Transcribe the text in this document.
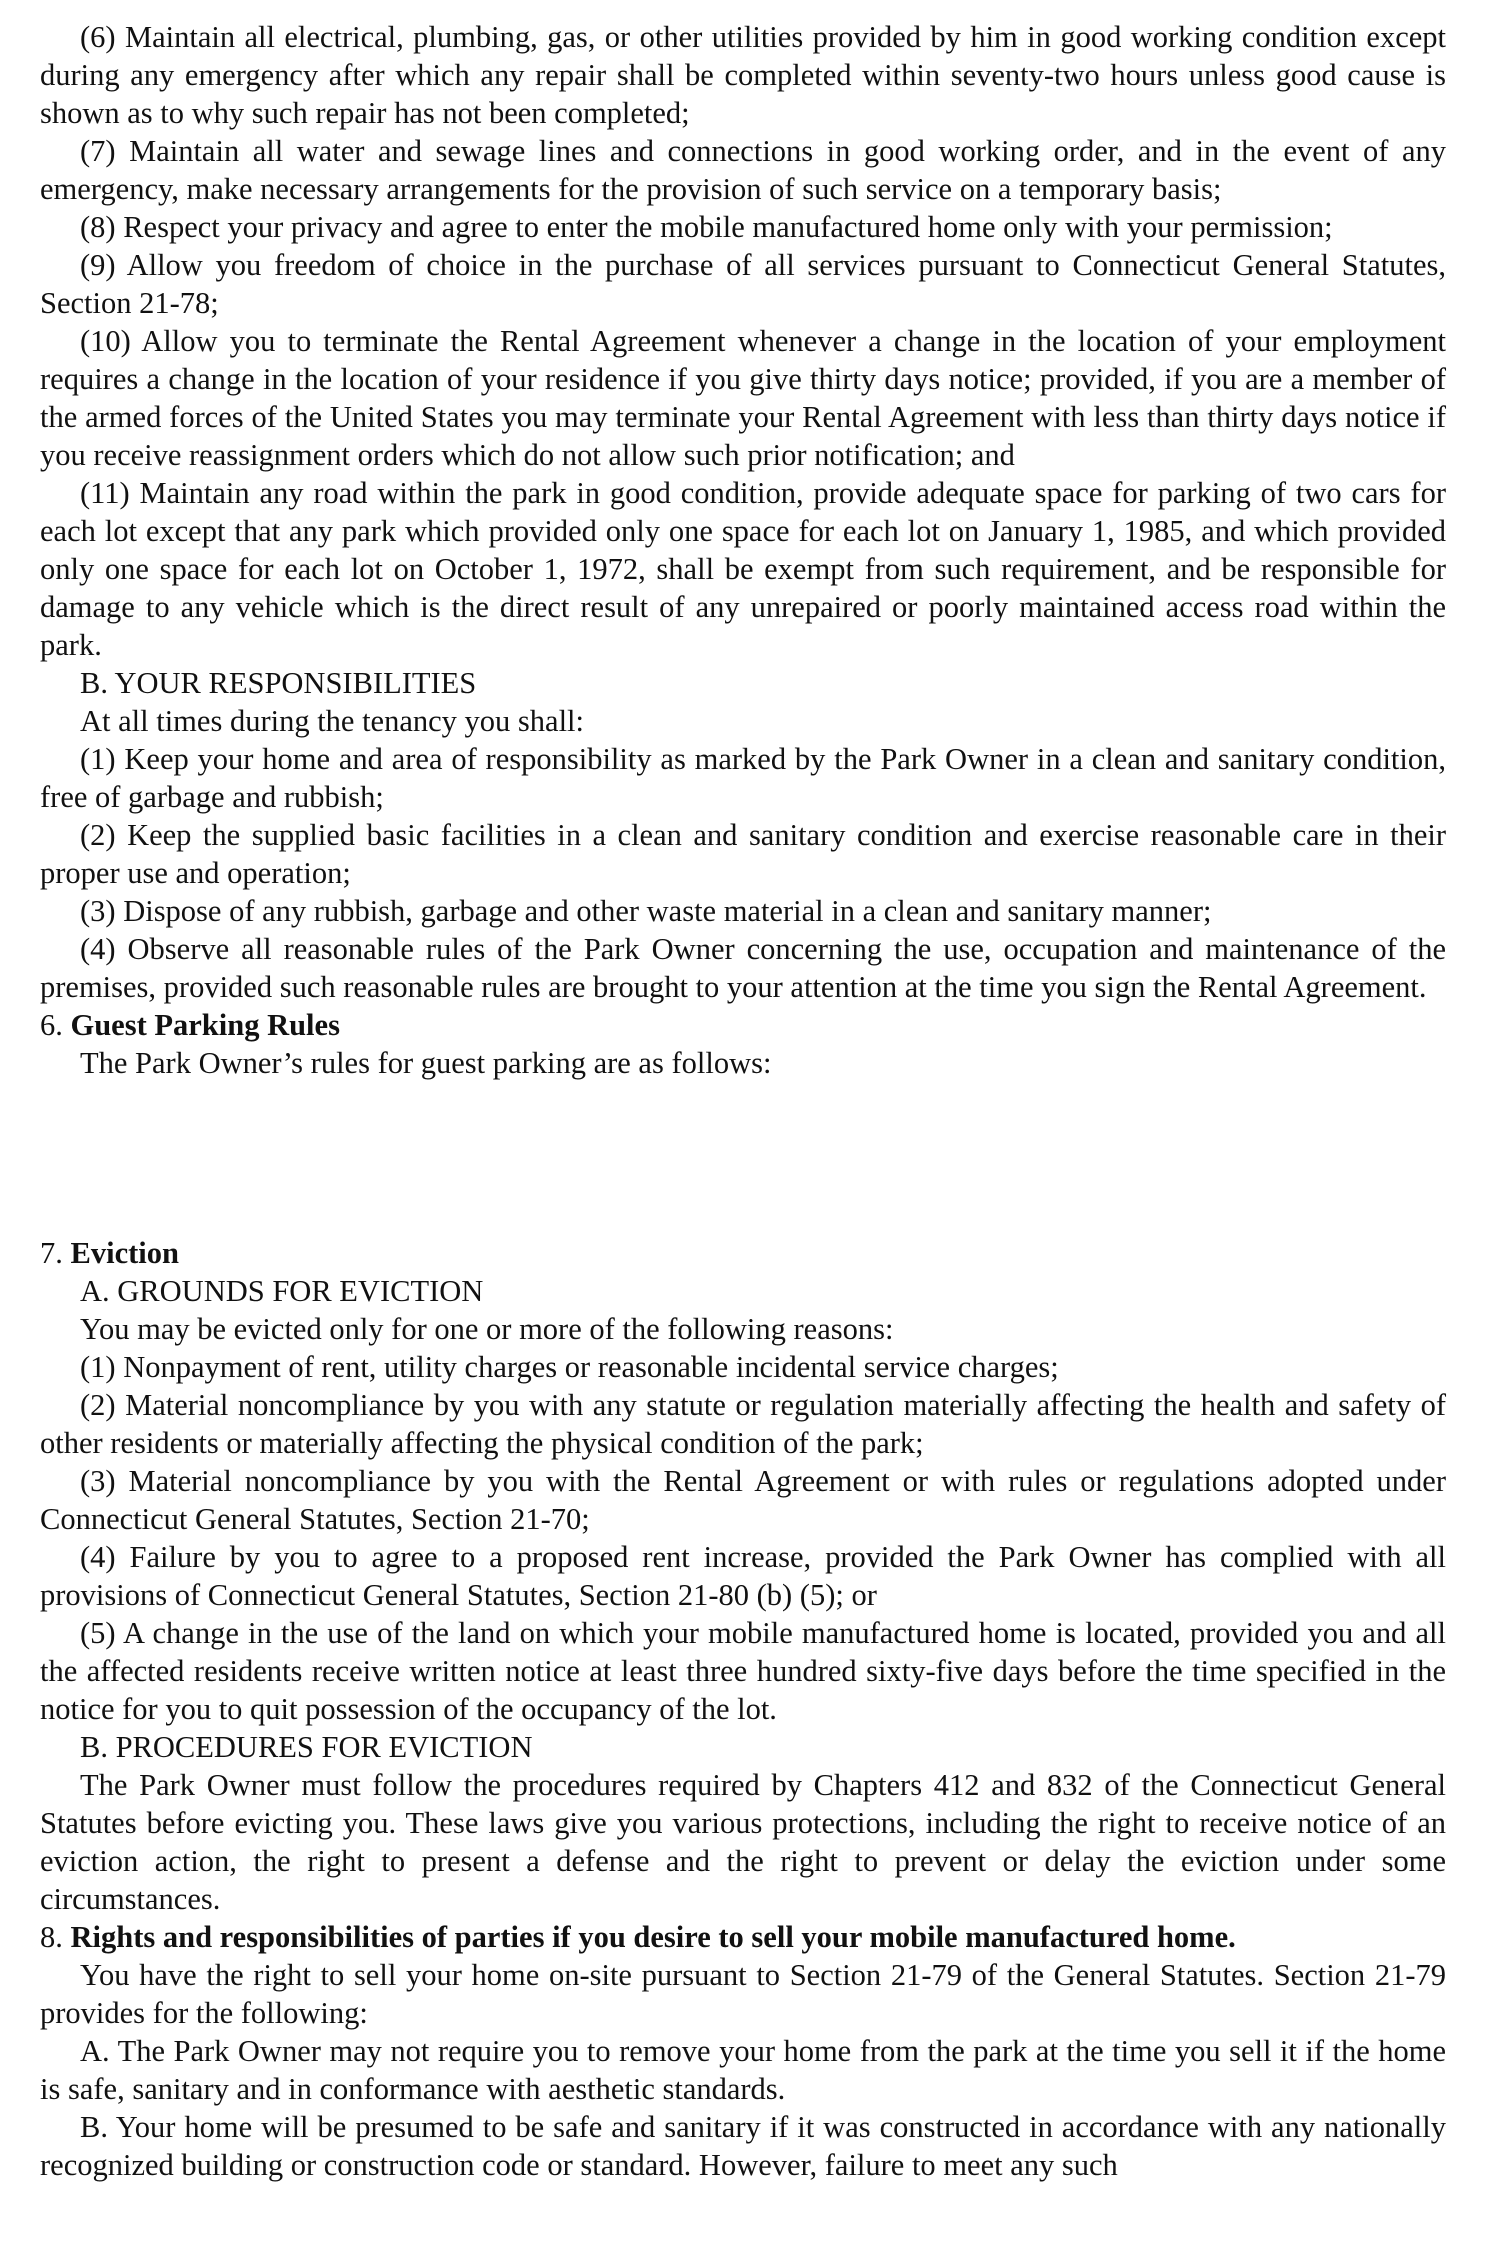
(6) Maintain all electrical, plumbing, gas, or other utilities provided by him in good working condition except during any emergency after which any repair shall be completed within seventy-two hours unless good cause is shown as to why such repair has not been completed;

(7) Maintain all water and sewage lines and connections in good working order, and in the event of any emergency, make necessary arrangements for the provision of such service on a temporary basis;

(8) Respect your privacy and agree to enter the mobile manufactured home only with your permission;

(9) Allow you freedom of choice in the purchase of all services pursuant to Connecticut General Statutes, Section 21-78;

(10) Allow you to terminate the Rental Agreement whenever a change in the location of your employment requires a change in the location of your residence if you give thirty days notice; provided, if you are a member of the armed forces of the United States you may terminate your Rental Agreement with less than thirty days notice if you receive reassignment orders which do not allow such prior notification; and

(11) Maintain any road within the park in good condition, provide adequate space for parking of two cars for each lot except that any park which provided only one space for each lot on January 1, 1985, and which provided only one space for each lot on October 1, 1972, shall be exempt from such requirement, and be responsible for damage to any vehicle which is the direct result of any unrepaired or poorly maintained access road within the park.

B. YOUR RESPONSIBILITIES

At all times during the tenancy you shall:

(1) Keep your home and area of responsibility as marked by the Park Owner in a clean and sanitary condition, free of garbage and rubbish;

(2) Keep the supplied basic facilities in a clean and sanitary condition and exercise reasonable care in their proper use and operation;

(3) Dispose of any rubbish, garbage and other waste material in a clean and sanitary manner;

(4) Observe all reasonable rules of the Park Owner concerning the use, occupation and maintenance of the premises, provided such reasonable rules are brought to your attention at the time you sign the Rental Agreement.

6. Guest Parking Rules

The Park Owner’s rules for guest parking are as follows:

7. Eviction

A. GROUNDS FOR EVICTION

You may be evicted only for one or more of the following reasons:

(1) Nonpayment of rent, utility charges or reasonable incidental service charges;

(2) Material noncompliance by you with any statute or regulation materially affecting the health and safety of other residents or materially affecting the physical condition of the park;

(3) Material noncompliance by you with the Rental Agreement or with rules or regulations adopted under Connecticut General Statutes, Section 21-70;

(4) Failure by you to agree to a proposed rent increase, provided the Park Owner has complied with all provisions of Connecticut General Statutes, Section 21-80 (b) (5); or

(5) A change in the use of the land on which your mobile manufactured home is located, provided you and all the affected residents receive written notice at least three hundred sixty-five days before the time specified in the notice for you to quit possession of the occupancy of the lot.

B. PROCEDURES FOR EVICTION

The Park Owner must follow the procedures required by Chapters 412 and 832 of the Connecticut General Statutes before evicting you. These laws give you various protections, including the right to receive notice of an eviction action, the right to present a defense and the right to prevent or delay the eviction under some circumstances.

8. Rights and responsibilities of parties if you desire to sell your mobile manufactured home.

You have the right to sell your home on-site pursuant to Section 21-79 of the General Statutes. Section 21-79 provides for the following:

A. The Park Owner may not require you to remove your home from the park at the time you sell it if the home is safe, sanitary and in conformance with aesthetic standards.

B. Your home will be presumed to be safe and sanitary if it was constructed in accordance with any nationally recognized building or construction code or standard. However, failure to meet any such
